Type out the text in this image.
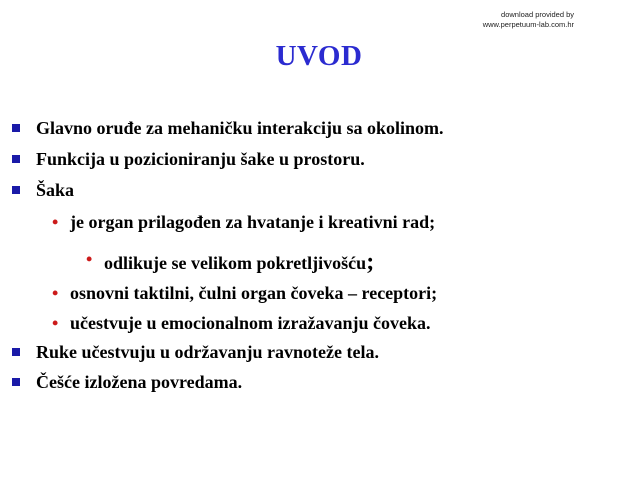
download provided by
www.perpetuum-lab.com.hr
UVOD
Glavno oruđe za mehaničku interakciju sa okolinom.
Funkcija u pozicioniranju šake u prostoru.
Šaka
• je organ prilagođen za hvatanje i kreativni rad;
• odlikuje se velikom pokretljivošću;
• osnovni taktilni, čulni organ čoveka – receptori;
• učestvuje u emocionalnom izražavanju čoveka.
Ruke učestvuju u održavanju ravnoteže tela.
Češće izložena povredama.
